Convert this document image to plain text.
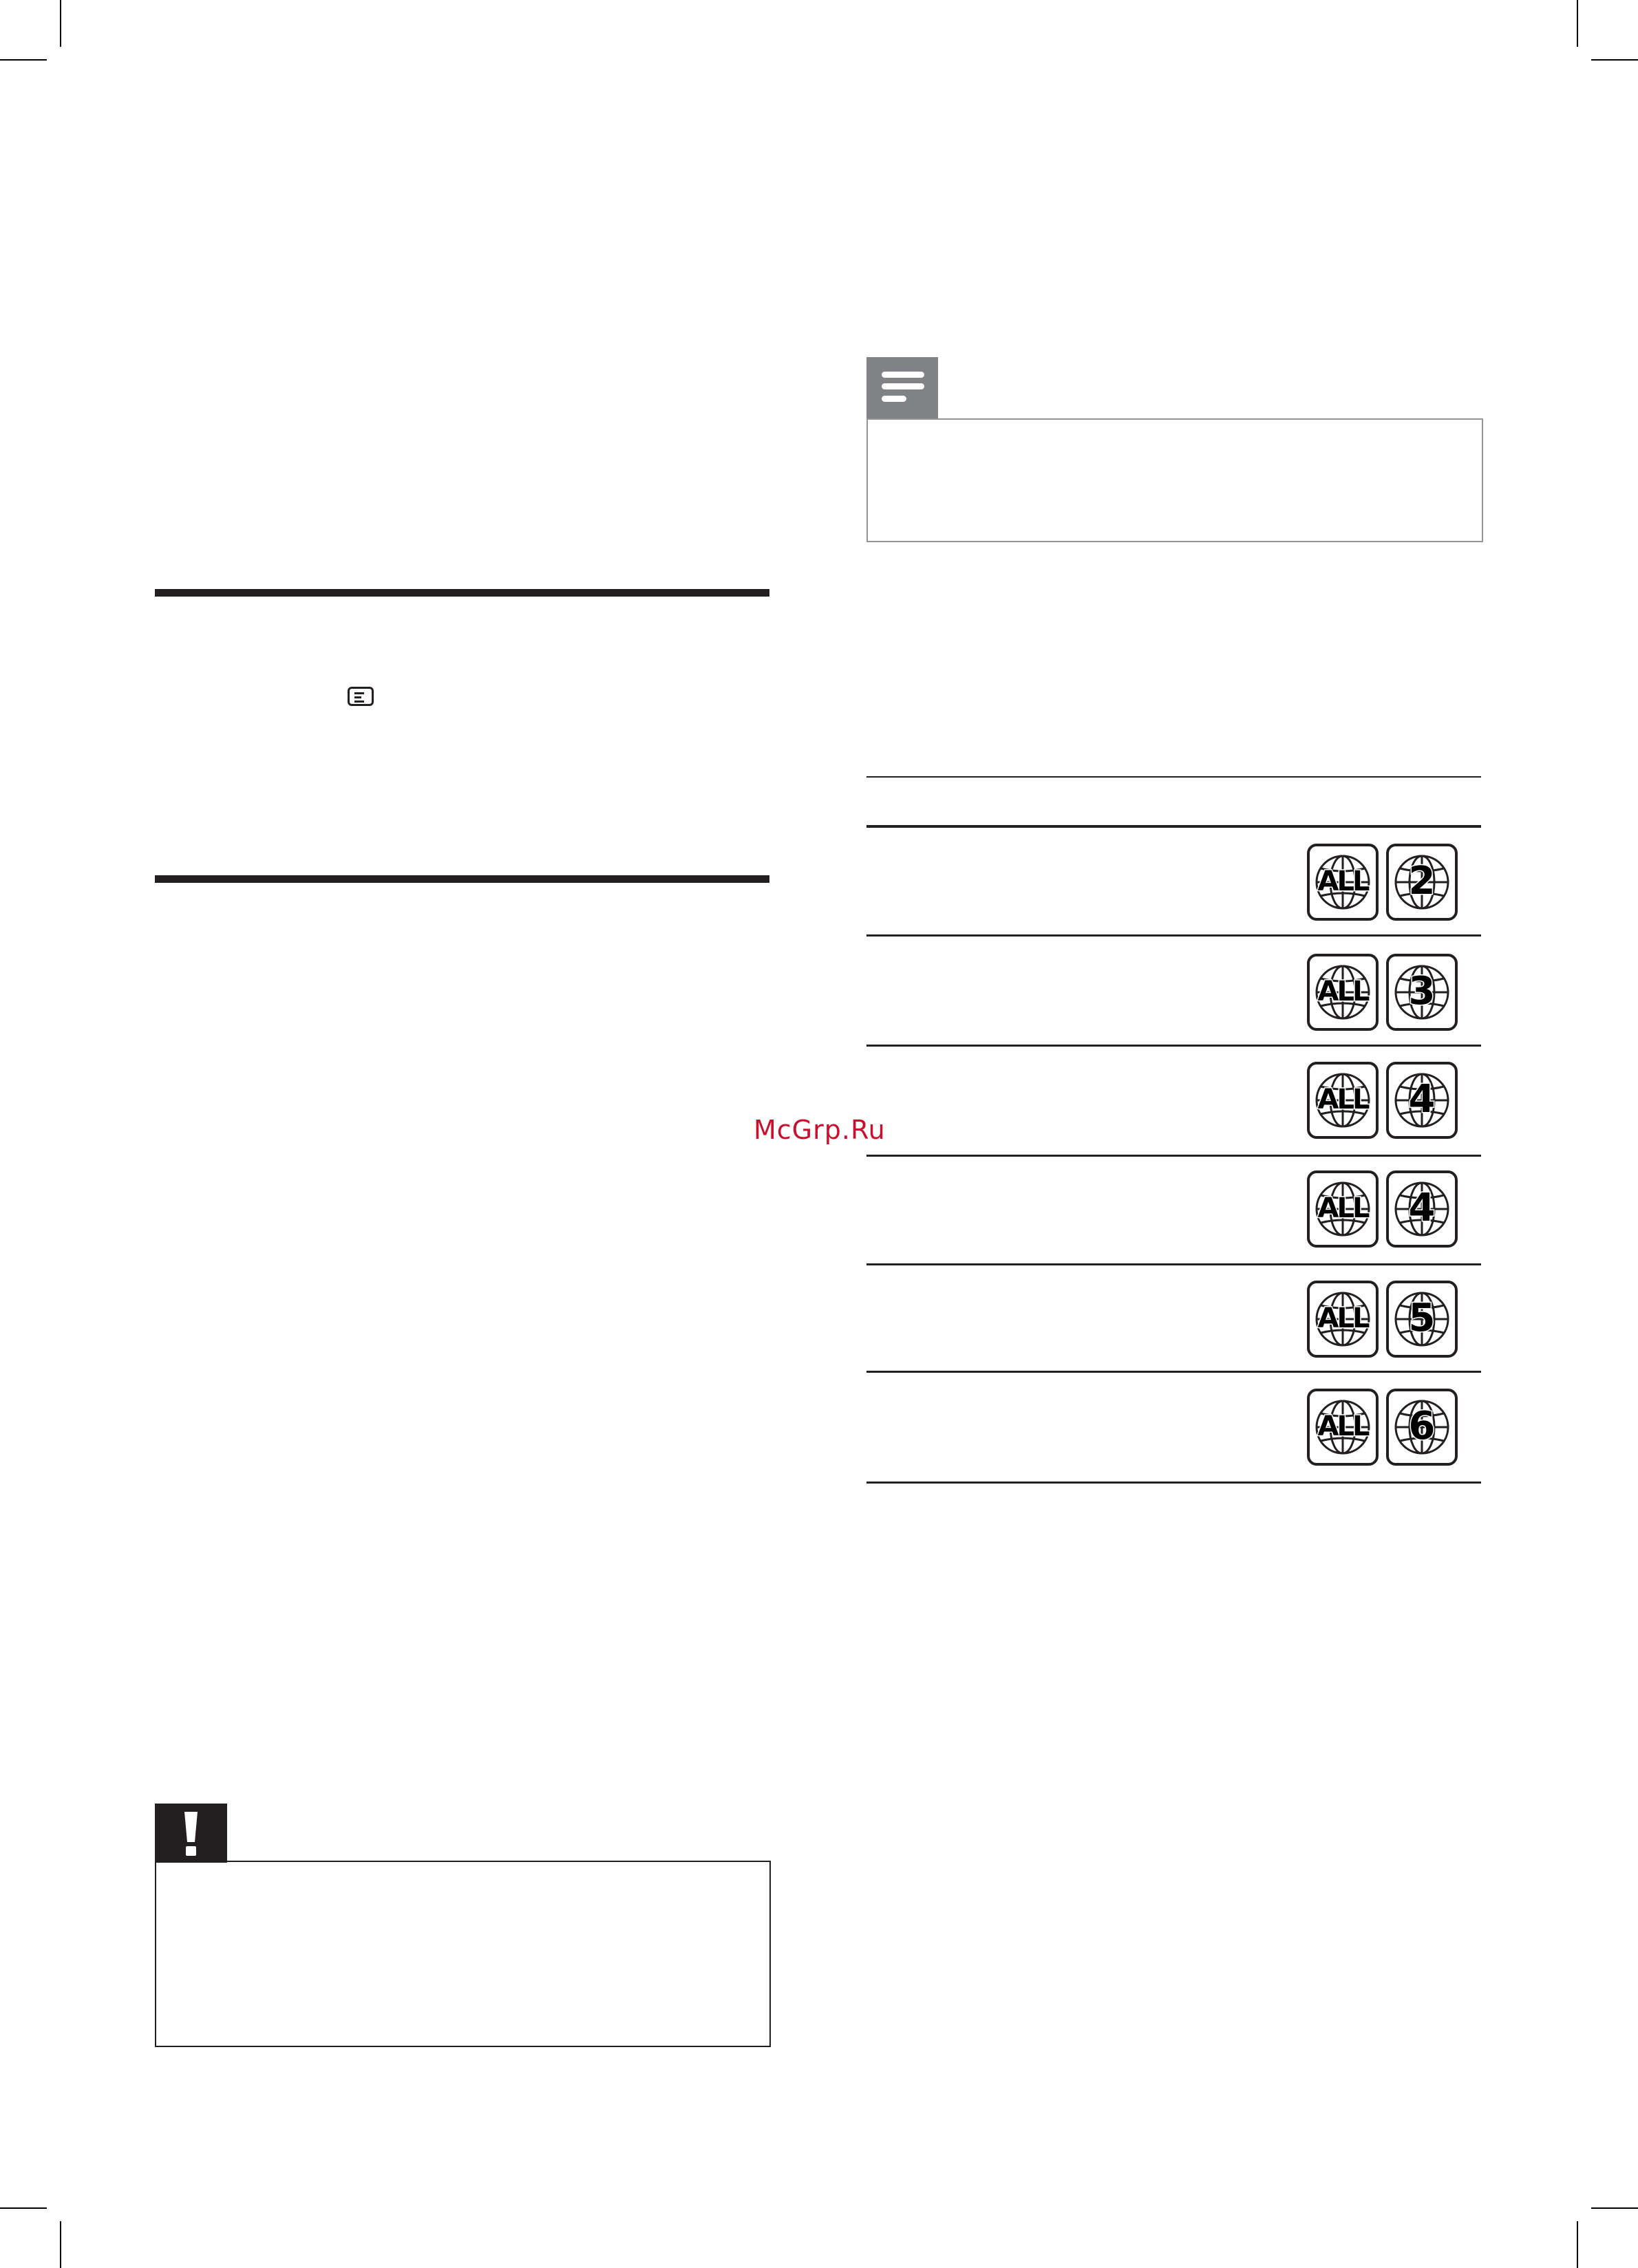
ALL	2
ALL	3
ALL	4
ALL	4
ALL	5
ALL	6
McGrp.Ru
